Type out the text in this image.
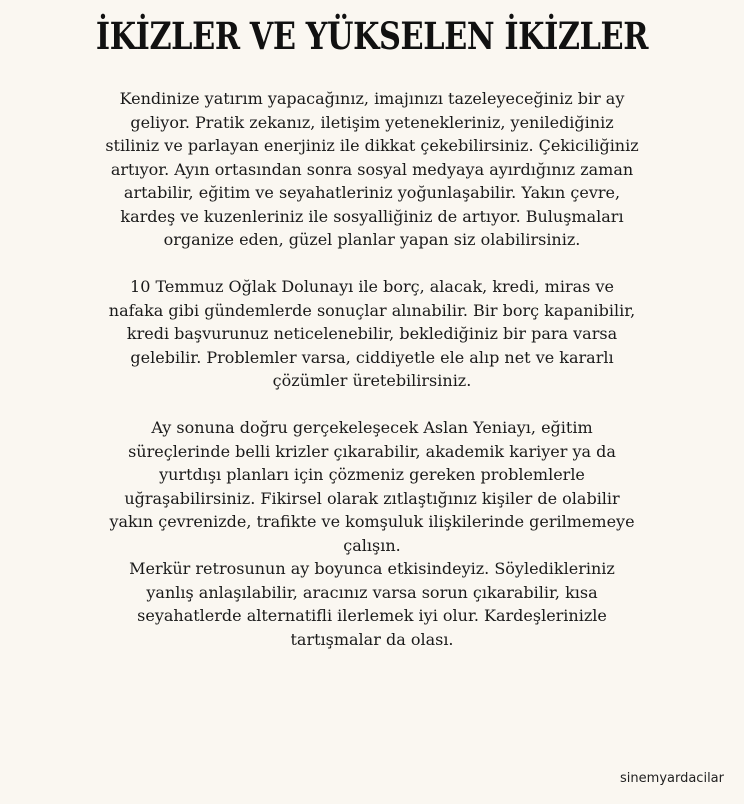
İKİZLER VE YÜKSELEN İKİZLER
Kendinize yatırım yapacağınız, imajınızı tazeleyeceğiniz bir ay
geliyor. Pratik zekanız, iletişim yetenekleriniz, yenilediğiniz
stiliniz ve parlayan enerjiniz ile dikkat çekebilirsiniz. Çekiciliğiniz
artıyor. Ayın ortasından sonra sosyal medyaya ayırdığınız zaman
artabilir, eğitim ve seyahatleriniz yoğunlaşabilir. Yakın çevre,
kardeş ve kuzenleriniz ile sosyalliğiniz de artıyor. Buluşmaları
organize eden, güzel planlar yapan siz olabilirsiniz.
10 Temmuz Oğlak Dolunayı ile borç, alacak, kredi, miras ve
nafaka gibi gündemlerde sonuçlar alınabilir. Bir borç kapanibilir,
kredi başvurunuz neticelenebilir, beklediğiniz bir para varsa
gelebilir. Problemler varsa, ciddiyetle ele alıp net ve kararlı
çözümler üretebilirsiniz.
Ay sonuna doğru gerçekeleşecek Aslan Yeniayı, eğitim
süreçlerinde belli krizler çıkarabilir, akademik kariyer ya da
yurtdışı planları için çözmeniz gereken problemlerle
uğraşabilirsiniz. Fikirsel olarak zıtlaştığınız kişiler de olabilir
yakın çevrenizde, trafikte ve komşuluk ilişkilerinde gerilmemeye
çalışın.
Merkür retrosunun ay boyunca etkisindeyiz. Söyledikleriniz
yanlış anlaşılabilir, aracınız varsa sorun çıkarabilir, kısa
seyahatlerde alternatifli ilerlemek iyi olur. Kardeşlerinizle
tartışmalar da olası.
sinemyardacilar
